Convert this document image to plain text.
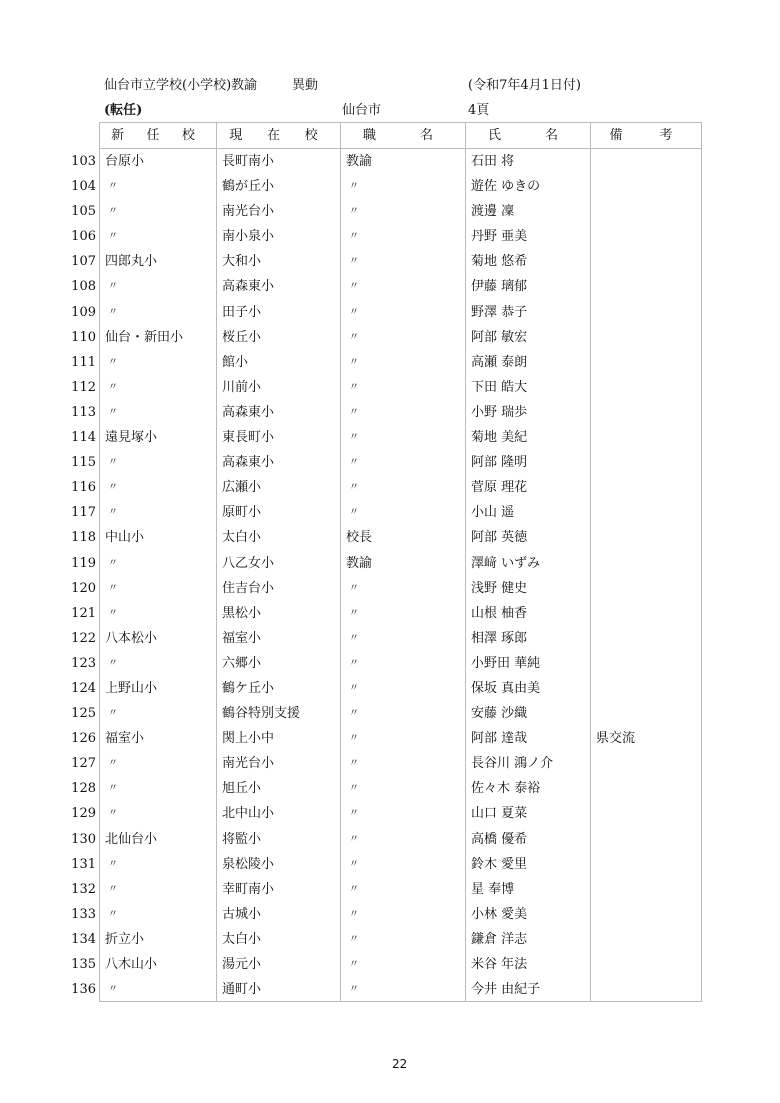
仙台市立学校(小学校)教諭	異動	(令和7年4月1日付)
(転任)	仙台市	4頁
新 任 校	現 在 校	職	名	氏	名	備	考
103 台原小	長町南小	教諭	石田 将
104	〃	鶴が丘小	〃	遊佐 ゆきの
105	〃	南光台小	〃	渡邊 凜
106	〃	南小泉小	〃	丹野 亜美
107 四郎丸小	大和小	〃	菊地 悠希
108	〃	高森東小	〃	伊藤 璃郁
109	〃	田子小	〃	野澤 恭子
110 仙台・新田小	桜丘小	〃	阿部 敏宏
111	〃	館小	〃	高瀬 泰朗
112	〃	川前小	〃	下田 皓大
113	〃	高森東小	〃	小野 瑞歩
114 遠見塚小	東長町小	〃	菊地 美紀
115	〃	高森東小	〃	阿部 隆明
116	〃	広瀬小	〃	菅原 理花
117	〃	原町小	〃	小山 遥
118 中山小	太白小	校長	阿部 英徳
119	〃	八乙女小	教諭	澤﨑 いずみ
120	〃	住吉台小	〃	浅野 健史
121	〃	黒松小	〃	山根 柚香
122 八本松小	福室小	〃	相澤 琢郎
123	〃	六郷小	〃	小野田 華純
124 上野山小	鶴ケ丘小	〃	保坂 真由美
125	〃	鶴谷特別支援	〃	安藤 沙織
126 福室小	関上小中	〃	阿部 達哉	県交流
127	〃	南光台小	〃	長谷川 鴻ノ介
128	〃	旭丘小	〃	佐々木 泰裕
129	〃	北中山小	〃	山口 夏菜
130 北仙台小	将監小	〃	高橋 優希
131	〃	泉松陵小	〃	鈴木 愛里
132	〃	幸町南小	〃	星 奉博
133	〃	古城小	〃	小林 愛美
134 折立小	太白小	〃	鎌倉 洋志
135 八木山小	湯元小	〃	米谷 年法
136	〃	通町小	〃	今井 由紀子
22
